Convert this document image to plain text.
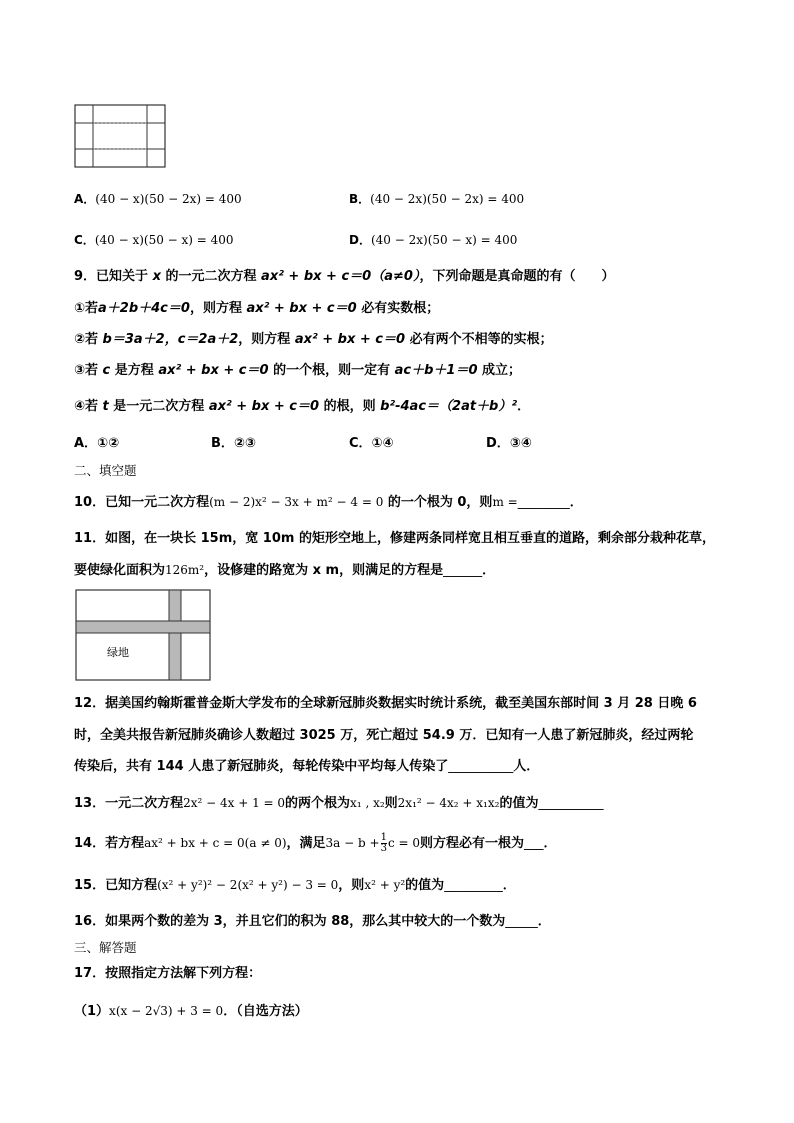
A．(40 − x)(50 − 2x) = 400	B．(40 − 2x)(50 − 2x) = 400
C．(40 − x)(50 − x) = 400	D．(40 − 2x)(50 − x) = 400
9．已知关于 x 的一元二次方程 ax² + bx + c＝0（a≠0），下列命题是真命题的有（　　）
①若a＋2b＋4c＝0，则方程 ax² + bx + c＝0 必有实数根；
②若 b＝3a＋2，c＝2a＋2，则方程 ax² + bx + c＝0 必有两个不相等的实根；
③若 c 是方程 ax² + bx + c＝0 的一个根，则一定有 ac＋b＋1＝0 成立；
④若 t 是一元二次方程 ax² + bx + c＝0 的根，则 b²-4ac＝（2at＋b）²．
A．①②	B．②③	C．①④	D．③④
二、填空题
10．已知一元二次方程(m − 2)x² − 3x + m² − 4 = 0 的一个根为 0，则m =________．
11．如图，在一块长 15m，宽 10m 的矩形空地上，修建两条同样宽且相互垂直的道路，剩余部分栽种花草，
要使绿化面积为126m²，设修建的路宽为 x m，则满足的方程是______．
绿地
12．据美国约翰斯霍普金斯大学发布的全球新冠肺炎数据实时统计系统，截至美国东部时间 3 月 28 日晚 6
时，全美共报告新冠肺炎确诊人数超过 3025 万，死亡超过 54.9 万．已知有一人患了新冠肺炎，经过两轮
传染后，共有 144 人患了新冠肺炎，每轮传染中平均每人传染了__________人．
13．一元二次方程2x² − 4x + 1 = 0的两个根为x₁ , x₂则2x₁² − 4x₂ + x₁x₂的值为__________
14．若方程ax² + bx + c = 0(a ≠ 0)，满足$3a - b + \frac{1}{3}$ c = 0则方程必有一根为___．
15．已知方程(x² + y²)² − 2(x² + y²) − 3 = 0，则x² + y²的值为_________．
16．如果两个数的差为 3，并且它们的积为 88，那么其中较大的一个数为_____．
三、解答题
17．按照指定方法解下列方程：
（1）x(x − 2√3) + 3 = 0．（自选方法）
